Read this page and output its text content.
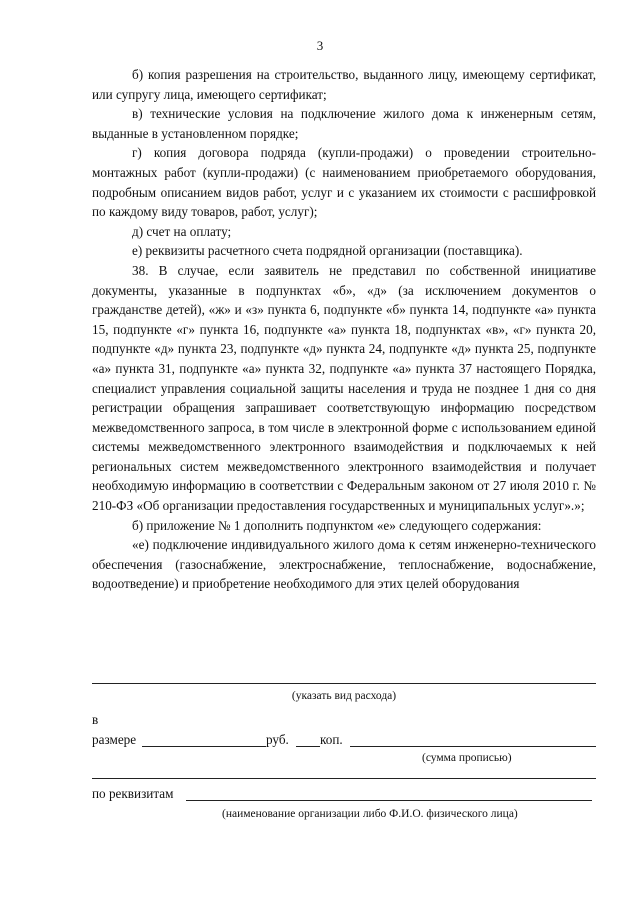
3

б) копия разрешения на строительство, выданного лицу, имеющему сертификат, или супругу лица, имеющего сертификат;

в) технические условия на подключение жилого дома к инженерным сетям, выданные в установленном порядке;

г) копия договора подряда (купли-продажи) о проведении строительно-монтажных работ (купли-продажи) (с наименованием приобретаемого оборудования, подробным описанием видов работ, услуг и с указанием их стоимости с расшифровкой по каждому виду товаров, работ, услуг);

д) счет на оплату;

е) реквизиты расчетного счета подрядной организации (поставщика).

38. В случае, если заявитель не представил по собственной инициативе документы, указанные в подпунктах «б», «д» (за исключением документов о гражданстве детей), «ж» и «з» пункта 6, подпункте «б» пункта 14, подпункте «а» пункта 15, подпункте «г» пункта 16, подпункте «а» пункта 18, подпунктах «в», «г» пункта 20, подпункте «д» пункта 23, подпункте «д» пункта 24, подпункте «д» пункта 25, подпункте «а» пункта 31, подпункте «а» пункта 32, подпункте «а» пункта 37 настоящего Порядка, специалист управления социальной защиты населения и труда не позднее 1 дня со дня регистрации обращения запрашивает соответствующую информацию посредством межведомственного запроса, в том числе в электронной форме с использованием единой системы межведомственного электронного взаимодействия и подключаемых к ней региональных систем межведомственного электронного взаимодействия и получает необходимую информацию в соответствии с Федеральным законом от 27 июля 2010 г. № 210-ФЗ «Об организации предоставления государственных и муниципальных услуг».»;

б) приложение № 1 дополнить подпунктом «е» следующего содержания:

«е) подключение индивидуального жилого дома к сетям инженерно-технического обеспечения (газоснабжение, электроснабжение, теплоснабжение, водоснабжение, водоотведение) и приобретение необходимого для этих целей оборудования

(указать вид расхода)
в
размере	руб. коп.
(сумма прописью)
по реквизитам
(наименование организации либо Ф.И.О. физического лица)
